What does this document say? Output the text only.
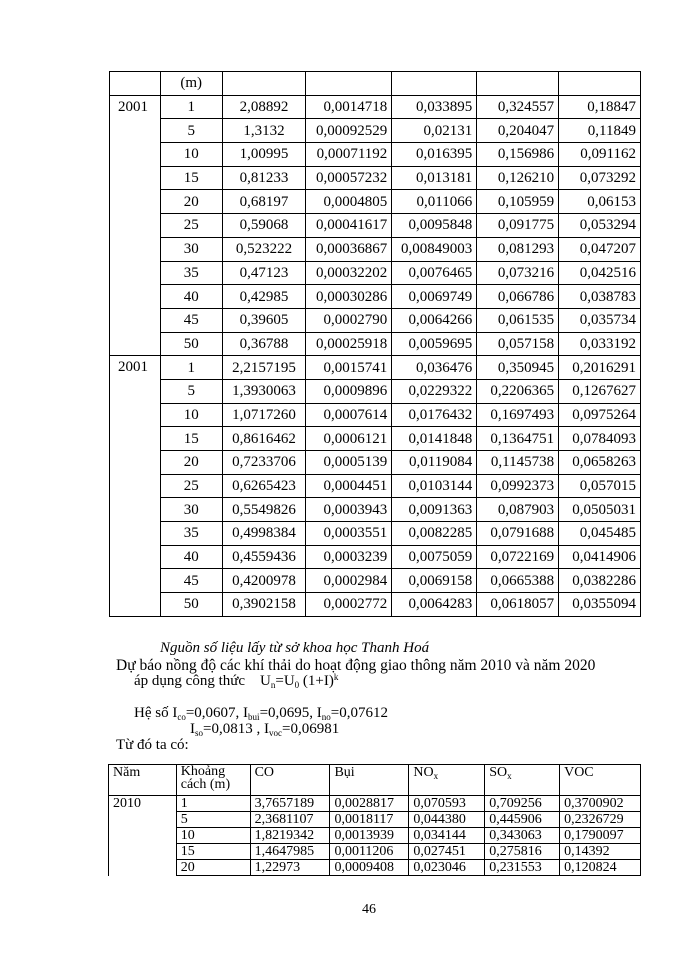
	(m)					
2001	1	2,08892	0,0014718	0,033895	0,324557	0,18847
	5	1,3132	0,00092529	0,02131	0,204047	0,11849
	10	1,00995	0,00071192	0,016395	0,156986	0,091162
	15	0,81233	0,00057232	0,013181	0,126210	0,073292
	20	0,68197	0,0004805	0,011066	0,105959	0,06153
	25	0,59068	0,00041617	0,0095848	0,091775	0,053294
	30	0,523222	0,00036867	0,00849003	0,081293	0,047207
	35	0,47123	0,00032202	0,0076465	0,073216	0,042516
	40	0,42985	0,00030286	0,0069749	0,066786	0,038783
	45	0,39605	0,0002790	0,0064266	0,061535	0,035734
	50	0,36788	0,00025918	0,0059695	0,057158	0,033192
2001	1	2,2157195	0,0015741	0,036476	0,350945	0,2016291
	5	1,3930063	0,0009896	0,0229322	0,2206365	0,1267627
	10	1,0717260	0,0007614	0,0176432	0,1697493	0,0975264
	15	0,8616462	0,0006121	0,0141848	0,1364751	0,0784093
	20	0,7233706	0,0005139	0,0119084	0,1145738	0,0658263
	25	0,6265423	0,0004451	0,0103144	0,0992373	0,057015
	30	0,5549826	0,0003943	0,0091363	0,087903	0,0505031
	35	0,4998384	0,0003551	0,0082285	0,0791688	0,045485
	40	0,4559436	0,0003239	0,0075059	0,0722169	0,0414906
	45	0,4200978	0,0002984	0,0069158	0,0665388	0,0382286
	50	0,3902158	0,0002772	0,0064283	0,0618057	0,0355094
Nguồn số liệu lấy từ sở khoa học Thanh Hoá
Dự báo nồng độ các khí thải do hoạt động giao thông năm 2010 và năm 2020
áp dụng công thức $U_n=U_0$ $(1+I)^k$
Hệ số $I_{co}=0,0607$, $I_{bui}=0,0695$, $I_{no}=0,07612$
$I_{so}=0,0813$ , $I_{voc}=0,06981$
Từ đó ta có:
Năm	Khoảng cách (m)	CO	Bụi	$NO_x$	$SO_x$	VOC
2010	1	3,7657189	0,0028817	0,070593	0,709256	0,3700902
	5	2,3681107	0,0018117	0,044380	0,445906	0,2326729
	10	1,8219342	0,0013939	0,034144	0,343063	0,1790097
	15	1,4647985	0,0011206	0,027451	0,275816	0,14392
	20	1,22973	0,0009408	0,023046	0,231553	0,120824
46
